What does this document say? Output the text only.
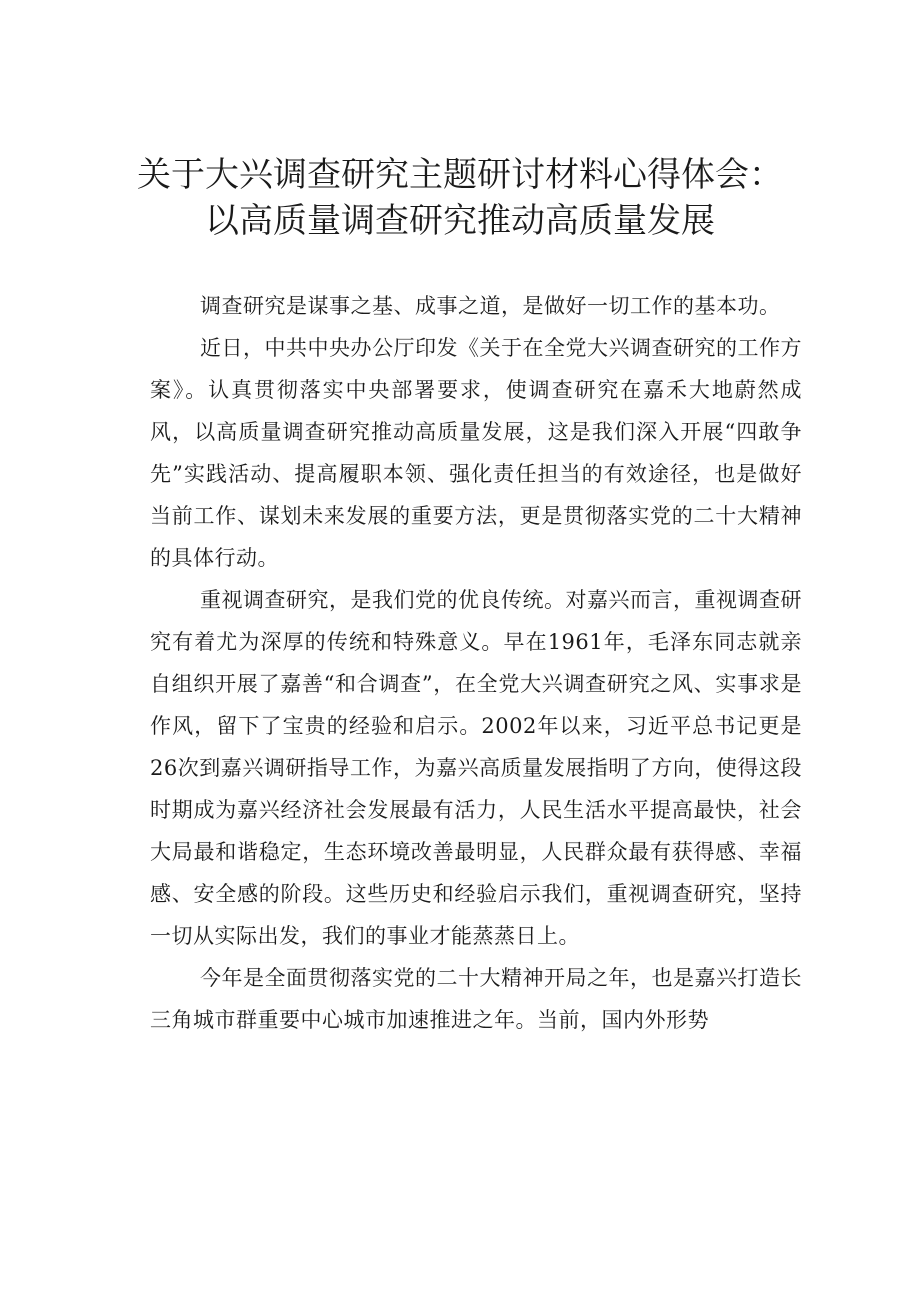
关于大兴调查研究主题研讨材料心得体会：
以高质量调查研究推动高质量发展

调查研究是谋事之基、成事之道，是做好一切工作的基本功。

近日，中共中央办公厅印发《关于在全党大兴调查研究的工作方案》。认真贯彻落实中央部署要求，使调查研究在嘉禾大地蔚然成风，以高质量调查研究推动高质量发展，这是我们深入开展“四敢争先”实践活动、提高履职本领、强化责任担当的有效途径，也是做好当前工作、谋划未来发展的重要方法，更是贯彻落实党的二十大精神的具体行动。

重视调查研究，是我们党的优良传统。对嘉兴而言，重视调查研究有着尤为深厚的传统和特殊意义。早在1961年，毛泽东同志就亲自组织开展了嘉善“和合调查”，在全党大兴调查研究之风、实事求是作风，留下了宝贵的经验和启示。2002年以来，习近平总书记更是26次到嘉兴调研指导工作，为嘉兴高质量发展指明了方向，使得这段时期成为嘉兴经济社会发展最有活力，人民生活水平提高最快，社会大局最和谐稳定，生态环境改善最明显，人民群众最有获得感、幸福感、安全感的阶段。这些历史和经验启示我们，重视调查研究，坚持一切从实际出发，我们的事业才能蒸蒸日上。

今年是全面贯彻落实党的二十大精神开局之年，也是嘉兴打造长三角城市群重要中心城市加速推进之年。当前，国内外形势
